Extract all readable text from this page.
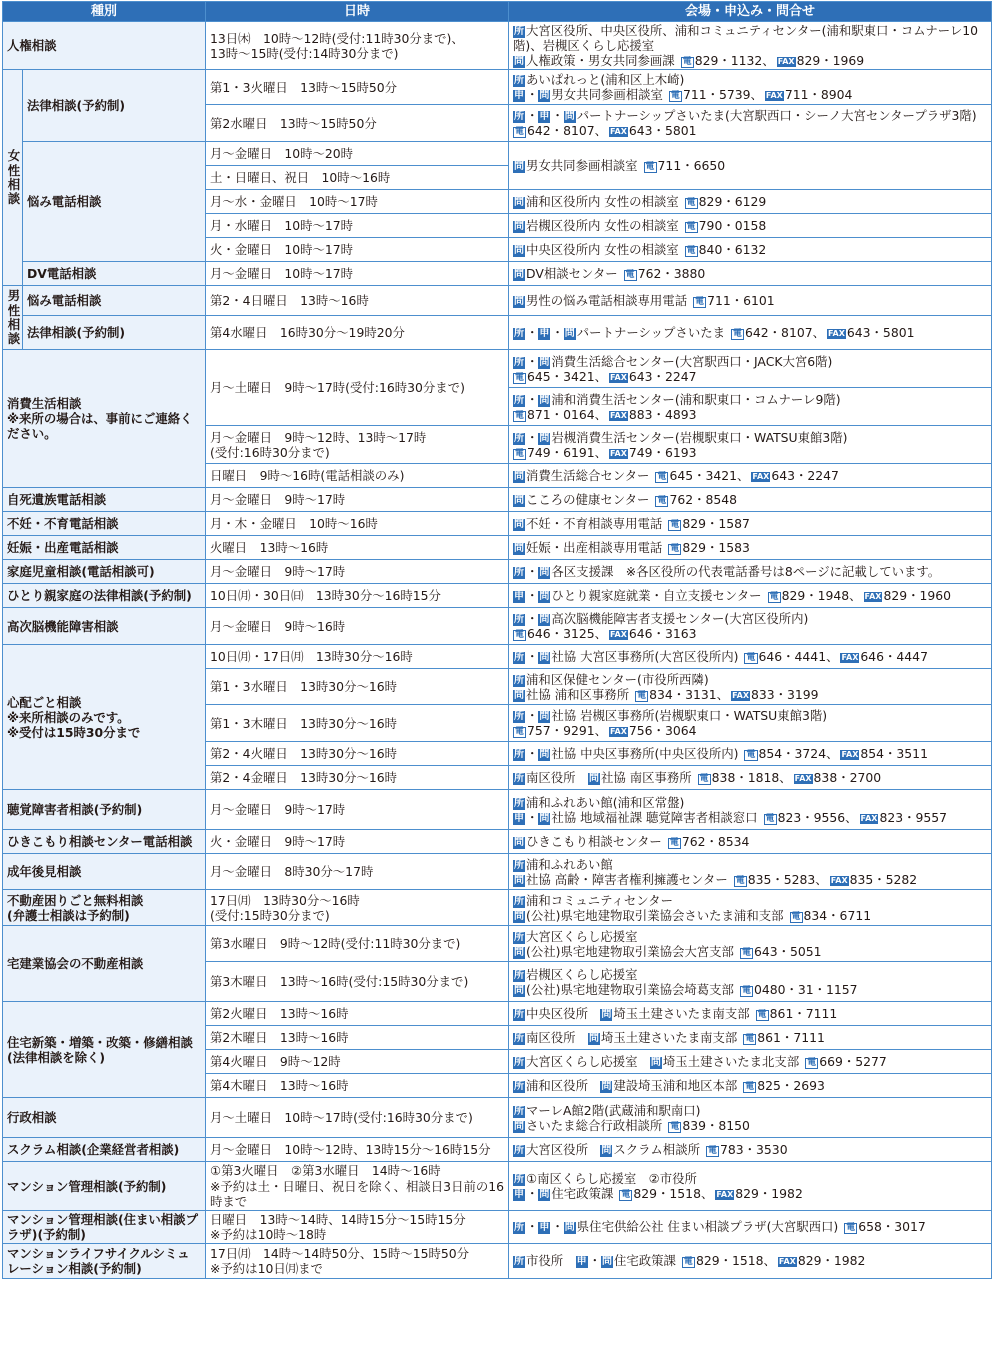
種別		日時	会場・申込み・問合せ
人権相談		13日㈭　10時～12時(受付:11時30分まで)、
13時～15時(受付:14時30分まで)	所 大宮区役所、中央区役所、浦和コミュニティセンター(浦和駅東口・コムナーレ10階)、岩槻区くらし応援室
問 人権政策・男女共同参画課 電 829・1132、 FAX 829・1969

女性相談	法律相談(予約制)	第1・3火曜日　13時～15時50分	所 あいぱれっと(浦和区上木崎)
申 ・問 男女共同参画相談室 電 711・5739、 FAX 711・8904

		第2水曜日　13時～15時50分	所 ・申 ・問 パートナーシップさいたま(大宮駅西口・シーノ大宮センタープラザ3階)
電 642・8107、 FAX 643・5801

	悩み電話相談	月～金曜日　10時～20時	問 男女共同参画相談室 電 711・6650

		土・日曜日、祝日　10時～16時	

		月～水・金曜日　10時～17時	問 浦和区役所内 女性の相談室 電 829・6129

		月・水曜日　10時～17時	問 岩槻区役所内 女性の相談室 電 790・0158

		火・金曜日　10時～17時	問 中央区役所内 女性の相談室 電 840・6132

	DV電話相談	月～金曜日　10時～17時	問 DV相談センター 電 762・3880

男性相談	悩み電話相談	第2・4日曜日　13時～16時	問 男性の悩み電話相談専用電話 電 711・6101

	法律相談(予約制)	第4水曜日　16時30分～19時20分	所 ・申 ・問 パートナーシップさいたま 電 642・8107、 FAX 643・5801

消費生活相談
※来所の場合は、事前にご連絡ください。		月～土曜日　9時～17時(受付:16時30分まで)	所 ・問 消費生活総合センター(大宮駅西口・JACK大宮6階)
電 645・3421、 FAX 643・2247

			所 ・問 浦和消費生活センター(浦和駅東口・コムナーレ9階)
電 871・0164、 FAX 883・4893

		月～金曜日　9時～12時、13時～17時
(受付:16時30分まで)	所 ・問 岩槻消費生活センター(岩槻駅東口・WATSU東館3階)
電 749・6191、 FAX 749・6193

		日曜日　9時～16時(電話相談のみ)	問 消費生活総合センター 電 645・3421、 FAX 643・2247

自死遺族電話相談		月～金曜日　9時～17時	問 こころの健康センター 電 762・8548

不妊・不育電話相談		月・木・金曜日　10時～16時	問 不妊・不育相談専用電話 電 829・1587

妊娠・出産電話相談		火曜日　13時～16時	問 妊娠・出産相談専用電話 電 829・1583

家庭児童相談(電話相談可)		月～金曜日　9時～17時	所 ・問 各区支援課　※各区役所の代表電話番号は8ページに記載しています。

ひとり親家庭の法律相談(予約制)		10日㈪・30日㈰　13時30分～16時15分	申 ・問 ひとり親家庭就業・自立支援センター 電 829・1948、 FAX 829・1960

高次脳機能障害相談		月～金曜日　9時～16時	所 ・問 高次脳機能障害者支援センター(大宮区役所内)
電 646・3125、 FAX 646・3163

心配ごと相談
※来所相談のみです。
※受付は15時30分まで		10日㈪・17日㈪　13時30分～16時	所 ・問 社協 大宮区事務所(大宮区役所内) 電 646・4441、 FAX 646・4447

		第1・3水曜日　13時30分～16時	所 浦和区保健センター(市役所西隣)
問 社協 浦和区事務所 電 834・3131、 FAX 833・3199

		第1・3木曜日　13時30分～16時	所 ・問 社協 岩槻区事務所(岩槻駅東口・WATSU東館3階)
電 757・9291、 FAX 756・3064

		第2・4火曜日　13時30分～16時	所 ・問 社協 中央区事務所(中央区役所内) 電 854・3724、 FAX 854・3511

		第2・4金曜日　13時30分～16時	所 南区役所　問 社協 南区事務所 電 838・1818、 FAX 838・2700

聴覚障害者相談(予約制)		月～金曜日　9時～17時	所 浦和ふれあい館(浦和区常盤)
申 ・問 社協 地域福祉課 聴覚障害者相談窓口 電 823・9556、 FAX 823・9557

ひきこもり相談センター電話相談		火・金曜日　9時～17時	問 ひきこもり相談センター 電 762・8534

成年後見相談		月～金曜日　8時30分～17時	所 浦和ふれあい館
問 社協 高齢・障害者権利擁護センター 電 835・5283、 FAX 835・5282

不動産困りごと無料相談
(弁護士相談は予約制)		17日㈪　13時30分～16時
(受付:15時30分まで)	所 浦和コミュニティセンター
問 (公社)県宅地建物取引業協会さいたま浦和支部 電 834・6711

宅建業協会の不動産相談		第3水曜日　9時～12時(受付:11時30分まで)	所 大宮区くらし応援室
問 (公社)県宅地建物取引業協会大宮支部 電 643・5051

		第3木曜日　13時～16時(受付:15時30分まで)	所 岩槻区くらし応援室
問 (公社)県宅地建物取引業協会埼葛支部 電 0480・31・1157

住宅新築・増築・改築・修繕相談
(法律相談を除く)		第2火曜日　13時～16時	所 中央区役所　問 埼玉土建さいたま南支部 電 861・7111

		第2木曜日　13時～16時	所 南区役所　問 埼玉土建さいたま南支部 電 861・7111

		第4火曜日　9時～12時	所 大宮区くらし応援室　問 埼玉土建さいたま北支部 電 669・5277

		第4木曜日　13時～16時	所 浦和区役所　問 建設埼玉浦和地区本部 電 825・2693

行政相談		月～土曜日　10時～17時(受付:16時30分まで)	所 マーレA館2階(武蔵浦和駅南口)
問 さいたま総合行政相談所 電 839・8150

スクラム相談(企業経営者相談)		月～金曜日　10時～12時、13時15分～16時15分	所 大宮区役所　問 スクラム相談所 電 783・3530

マンション管理相談(予約制)		①第3火曜日　②第3水曜日　14時～16時
※予約は土・日曜日、祝日を除く、相談日3日前の16時まで	所 ①南区くらし応援室　②市役所
申 ・問 住宅政策課 電 829・1518、 FAX 829・1982

マンション管理相談(住まい相談プラザ)(予約制)		日曜日　13時～14時、14時15分～15時15分
※予約は10時～18時	所 ・申 ・問 県住宅供給公社 住まい相談プラザ(大宮駅西口) 電 658・3017

マンションライフサイクルシミュレーション相談(予約制)		17日㈪　14時～14時50分、15時～15時50分
※予約は10日㈪まで	所 市役所　申 ・問 住宅政策課 電 829・1518、 FAX 829・1982
